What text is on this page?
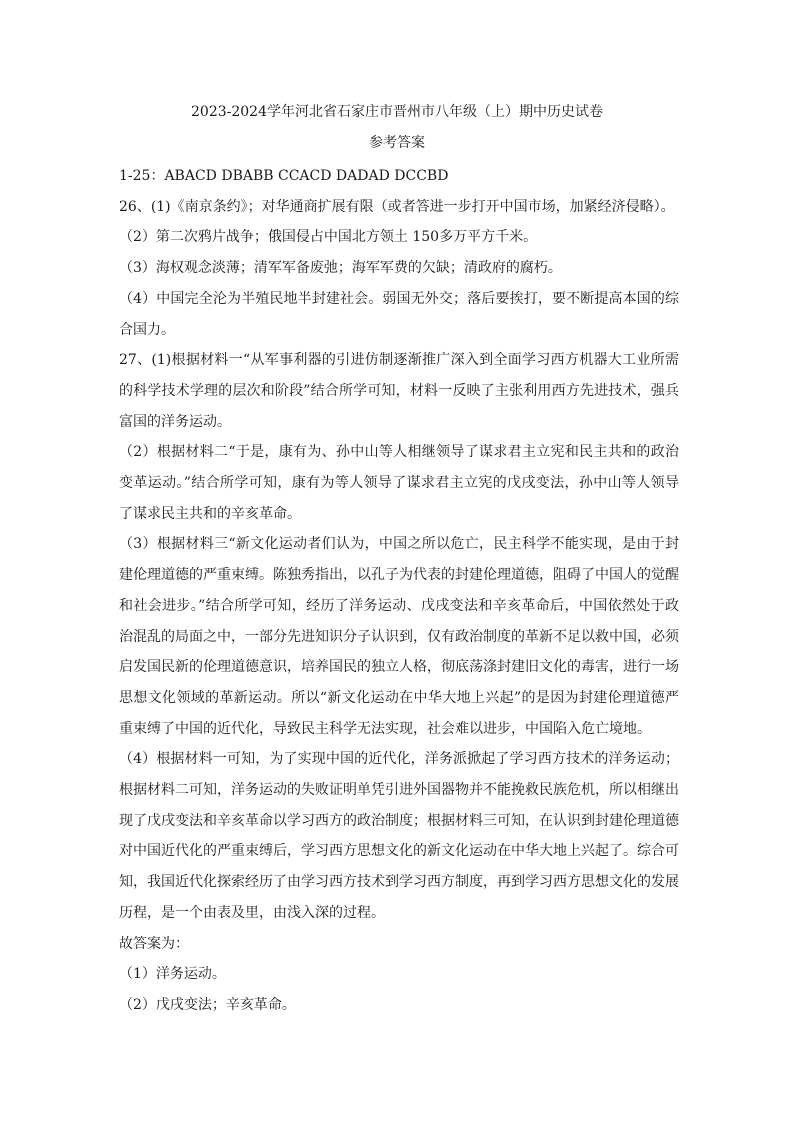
2023-2024学年河北省石家庄市晋州市八年级（上）期中历史试卷
参考答案

1-25：ABACD DBABB CCACD DADAD DCCBD

26、(1)《南京条约》；对华通商扩展有限（或者答进一步打开中国市场，加紧经济侵略）。

（2）第二次鸦片战争；俄国侵占中国北方领土 150多万平方千米。

（3）海权观念淡薄；清军军备废弛；海军军费的欠缺；清政府的腐朽。

（4）中国完全沦为半殖民地半封建社会。弱国无外交；落后要挨打，要不断提高本国的综合国力。

27、(1)根据材料一“从军事利器的引进仿制逐渐推广深入到全面学习西方机器大工业所需的科学技术学理的层次和阶段”结合所学可知，材料一反映了主张利用西方先进技术，强兵富国的洋务运动。

（2）根据材料二“于是，康有为、孙中山等人相继领导了谋求君主立宪和民主共和的政治变革运动。”结合所学可知，康有为等人领导了谋求君主立宪的戊戌变法，孙中山等人领导了谋求民主共和的辛亥革命。

（3）根据材料三“新文化运动者们认为，中国之所以危亡，民主科学不能实现，是由于封建伦理道德的严重束缚。陈独秀指出，以孔子为代表的封建伦理道德，阻碍了中国人的觉醒和社会进步。”结合所学可知，经历了洋务运动、戊戌变法和辛亥革命后，中国依然处于政治混乱的局面之中，一部分先进知识分子认识到，仅有政治制度的革新不足以救中国，必须启发国民新的伦理道德意识，培养国民的独立人格，彻底荡涤封建旧文化的毒害，进行一场思想文化领域的革新运动。所以“新文化运动在中华大地上兴起”的是因为封建伦理道德严重束缚了中国的近代化，导致民主科学无法实现，社会难以进步，中国陷入危亡境地。

（4）根据材料一可知，为了实现中国的近代化，洋务派掀起了学习西方技术的洋务运动；根据材料二可知，洋务运动的失败证明单凭引进外国器物并不能挽救民族危机，所以相继出现了戊戌变法和辛亥革命以学习西方的政治制度；根据材料三可知，在认识到封建伦理道德对中国近代化的严重束缚后，学习西方思想文化的新文化运动在中华大地上兴起了。综合可知，我国近代化探索经历了由学习西方技术到学习西方制度，再到学习西方思想文化的发展历程，是一个由表及里，由浅入深的过程。

故答案为：

（1）洋务运动。

（2）戊戌变法；辛亥革命。
